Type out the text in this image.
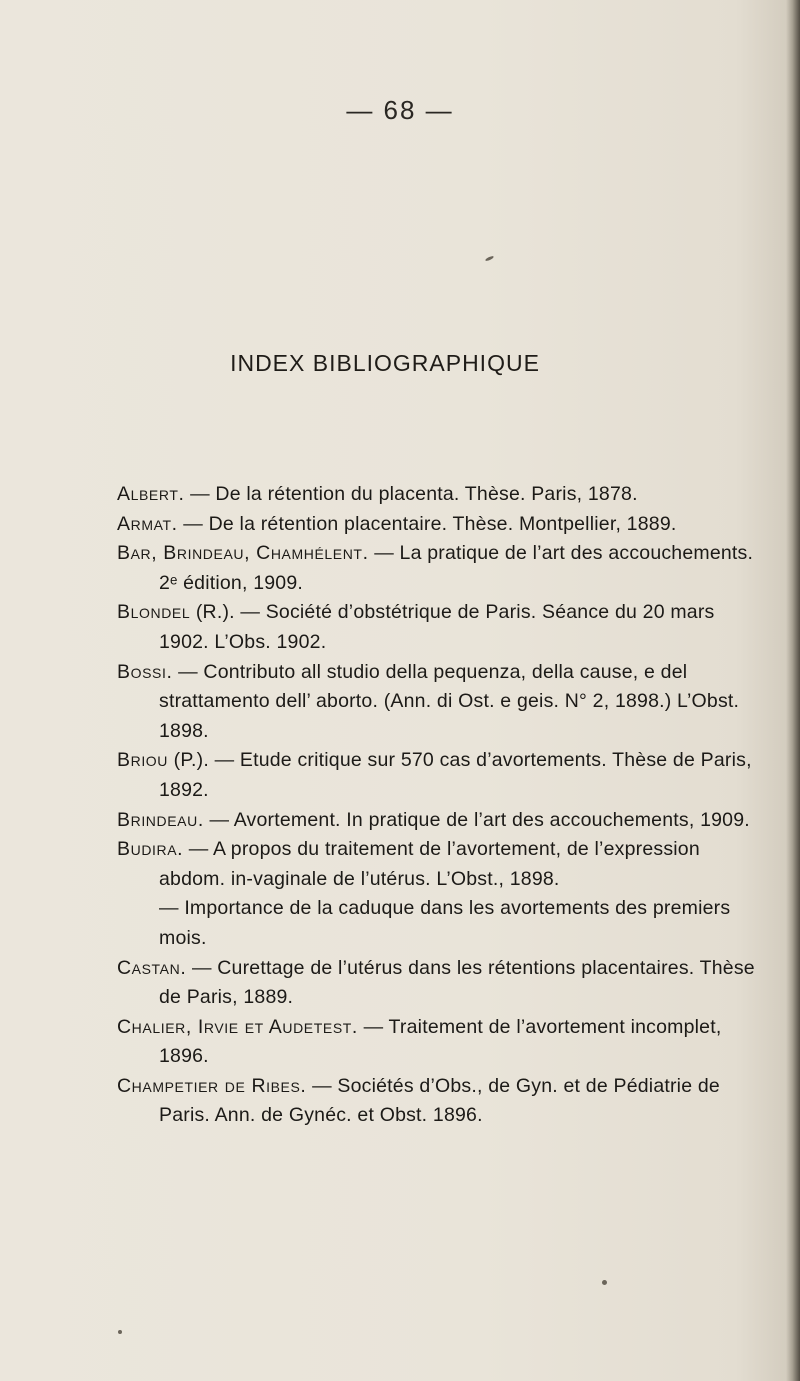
— 68 —
INDEX BIBLIOGRAPHIQUE

Albert. — De la rétention du placenta. Thèse. Paris, 1878.

Armat. — De la rétention placentaire. Thèse. Montpellier, 1889.

Bar, Brindeau, Chamhélent. — La pratique de l’art des accouchements. 2ᵉ édition, 1909.

Blondel (R.). — Société d’obstétrique de Paris. Séance du 20 mars 1902. L’Obs. 1902.

Bossi. — Contributo all studio della pequenza, della cause, e del strattamento dell’ aborto. (Ann. di Ost. e geis. N° 2, 1898.) L’Obst. 1898.

Briou (P.). — Etude critique sur 570 cas d’avortements. Thèse de Paris, 1892.

Brindeau. — Avortement. In pratique de l’art des accouchements, 1909.

Budira. — A propos du traitement de l’avortement, de l’expression abdom. in-vaginale de l’utérus. L’Obst., 1898.

— Importance de la caduque dans les avortements des premiers mois.

Castan. — Curettage de l’utérus dans les rétentions placentaires. Thèse de Paris, 1889.

Chalier, Irvie et Audetest. — Traitement de l’avortement incomplet, 1896.

Champetier de Ribes. — Sociétés d’Obs., de Gyn. et de Pédiatrie de Paris. Ann. de Gynéc. et Obst. 1896.
